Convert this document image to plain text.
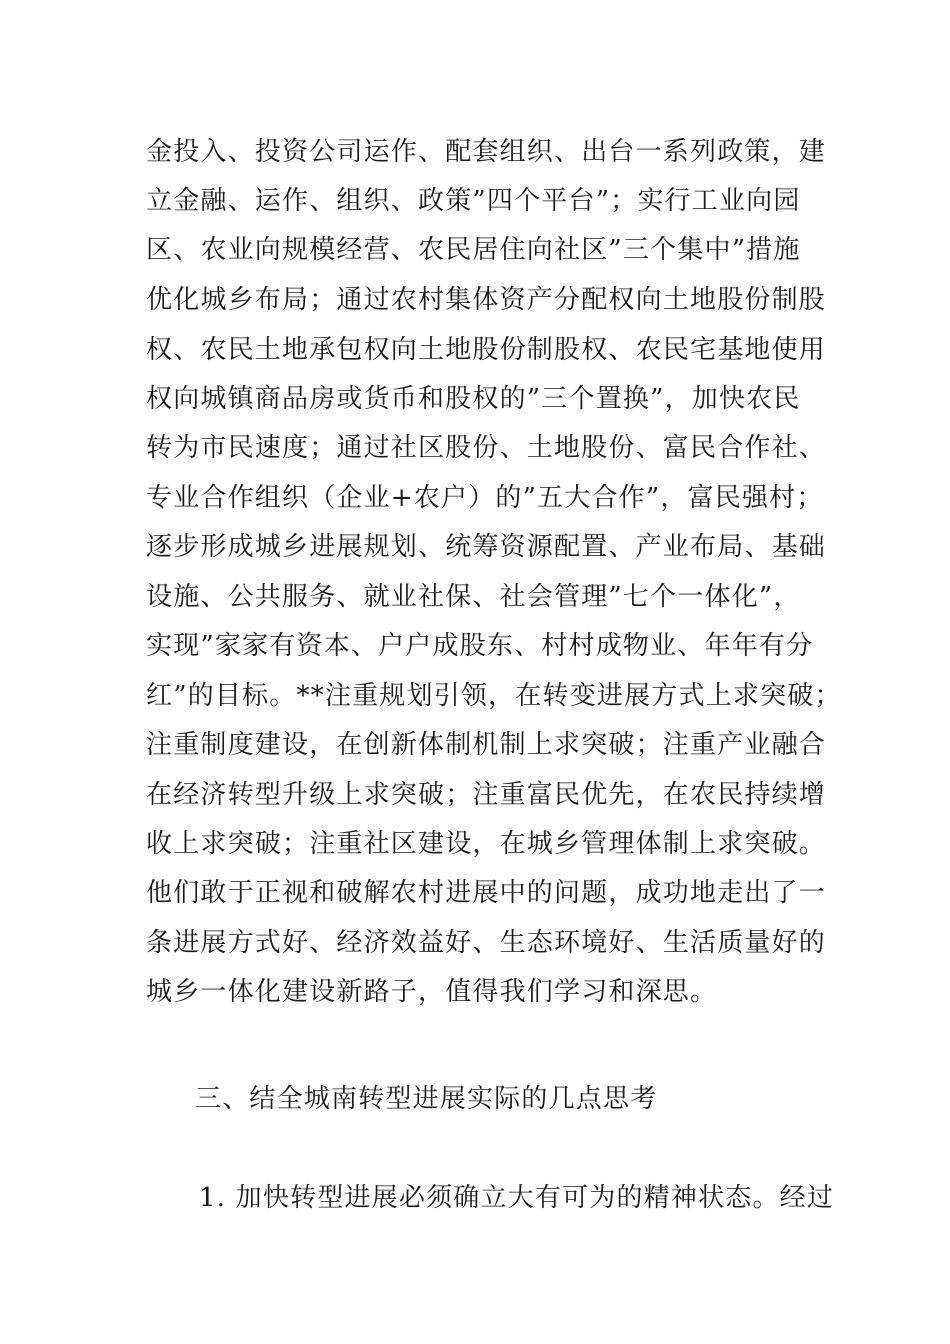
金投入、投资公司运作、配套组织、出台一系列政策，建
立金融、运作、组织、政策”四个平台”；实行工业向园
区、农业向规模经营、农民居住向社区”三个集中”措施
优化城乡布局；通过农村集体资产分配权向土地股份制股
权、农民土地承包权向土地股份制股权、农民宅基地使用
权向城镇商品房或货币和股权的”三个置换”，加快农民
转为市民速度；通过社区股份、土地股份、富民合作社、
专业合作组织（企业+农户）的”五大合作”，富民强村；
逐步形成城乡进展规划、统筹资源配置、产业布局、基础
设施、公共服务、就业社保、社会管理”七个一体化”，
实现”家家有资本、户户成股东、村村成物业、年年有分
红”的目标。**注重规划引领，在转变进展方式上求突破；
注重制度建设，在创新体制机制上求突破；注重产业融合
在经济转型升级上求突破；注重富民优先，在农民持续增
收上求突破；注重社区建设，在城乡管理体制上求突破。
他们敢于正视和破解农村进展中的问题，成功地走出了一
条进展方式好、经济效益好、生态环境好、生活质量好的
城乡一体化建设新路子，值得我们学习和深思。
三、结全城南转型进展实际的几点思考
1. 加快转型进展必须确立大有可为的精神状态。经过
